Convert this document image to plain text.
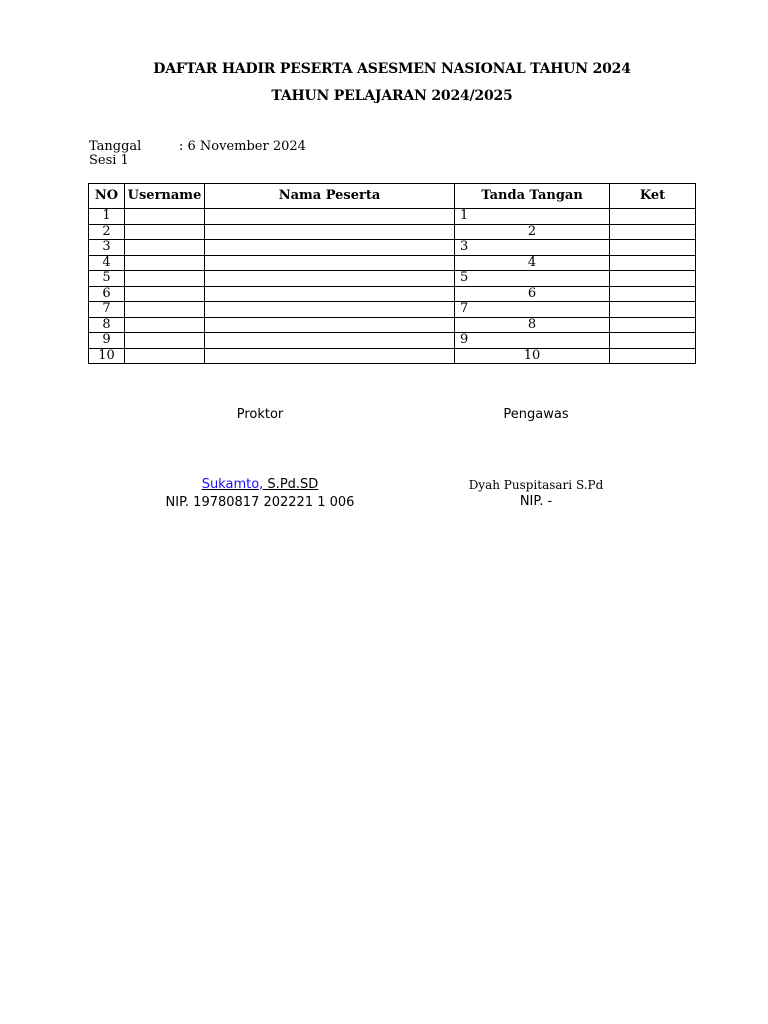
DAFTAR HADIR PESERTA ASESMEN NASIONAL TAHUN 2024
TAHUN PELAJARAN 2024/2025
Tanggal	: 6 November 2024
Sesi 1
NO	Username	Nama Peserta	Tanda Tangan	Ket
1			1	
2			2	
3			3	
4			4	
5			5	
6			6	
7			7	
8			8	
9			9	
10			10	
Proktor	Pengawas
Sukamto, S.Pd.SD
NIP. 19780817 202221 1 006
Dyah Puspitasari S.Pd
NIP. -
